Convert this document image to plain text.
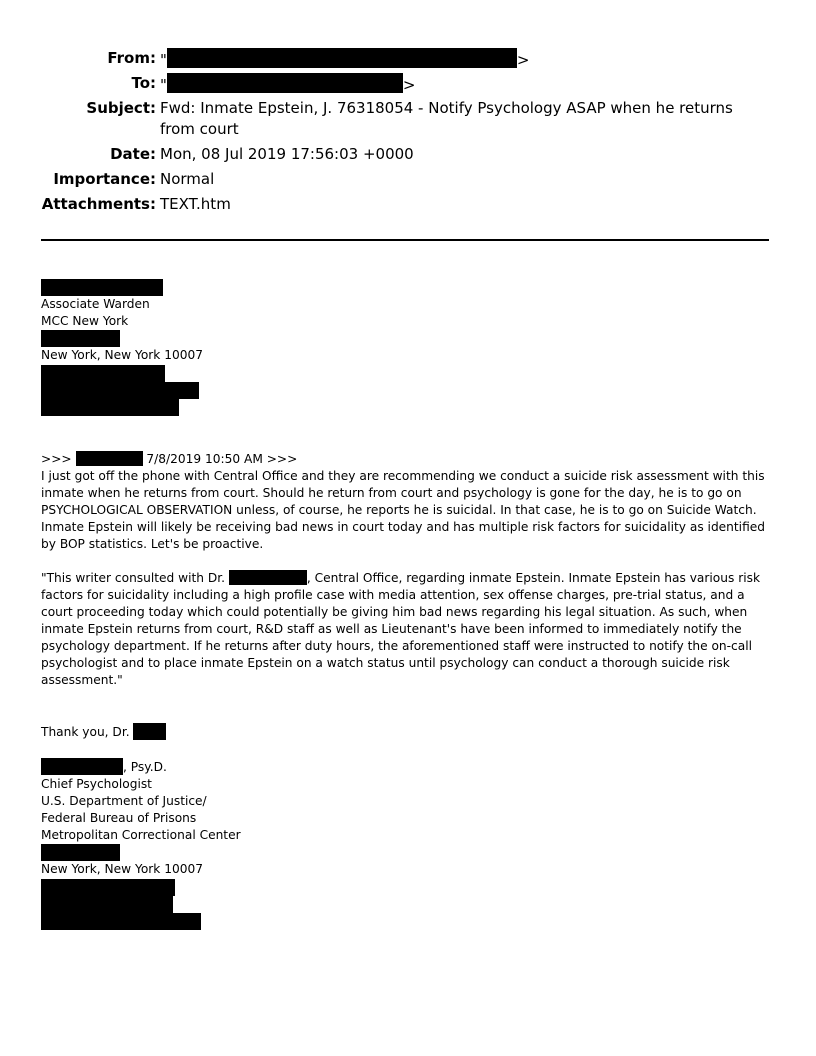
From: "	>
To: "	>
Subject: Fwd: Inmate Epstein, J. 76318054 - Notify Psychology ASAP when he returns from court
Date: Mon, 08 Jul 2019 17:56:03 +0000
Importance: Normal
Attachments: TEXT.htm
Associate Warden
MCC New York
New York, New York 10007
>>>	7/8/2019 10:50 AM >>>

I just got off the phone with Central Office and they are recommending we conduct a suicide risk assessment with this inmate when he returns from court. Should he return from court and psychology is gone for the day, he is to go on PSYCHOLOGICAL OBSERVATION unless, of course, he reports he is suicidal. In that case, he is to go on Suicide Watch. Inmate Epstein will likely be receiving bad news in court today and has multiple risk factors for suicidality as identified by BOP statistics. Let's be proactive.

"This writer consulted with Dr.	, Central Office, regarding inmate Epstein. Inmate Epstein has various risk factors for suicidality including a high profile case with media attention, sex offense charges, pre-trial status, and a court proceeding today which could potentially be giving him bad news regarding his legal situation. As such, when inmate Epstein returns from court, R&D staff as well as Lieutenant's have been informed to immediately notify the psychology department. If he returns after duty hours, the aforementioned staff were instructed to notify the on-call psychologist and to place inmate Epstein on a watch status until psychology can conduct a thorough suicide risk assessment."

Thank you, Dr.
, Psy.D.
Chief Psychologist
U.S. Department of Justice/
Federal Bureau of Prisons
Metropolitan Correctional Center
New York, New York 10007
